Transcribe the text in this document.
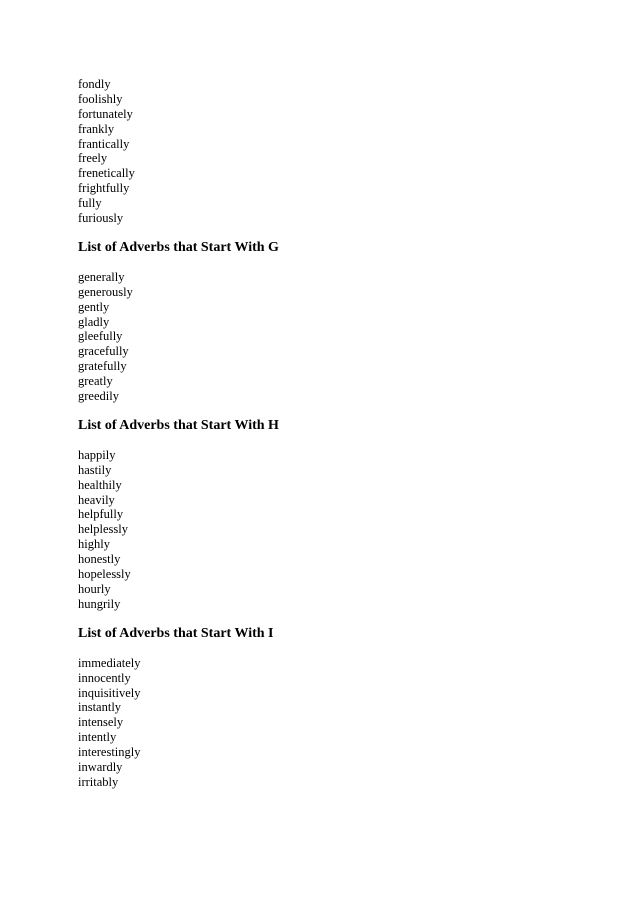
fondly
foolishly
fortunately
frankly
frantically
freely
frenetically
frightfully
fully
furiously
List of Adverbs that Start With G
generally
generously
gently
gladly
gleefully
gracefully
gratefully
greatly
greedily
List of Adverbs that Start With H
happily
hastily
healthily
heavily
helpfully
helplessly
highly
honestly
hopelessly
hourly
hungrily
List of Adverbs that Start With I
immediately
innocently
inquisitively
instantly
intensely
intently
interestingly
inwardly
irritably
